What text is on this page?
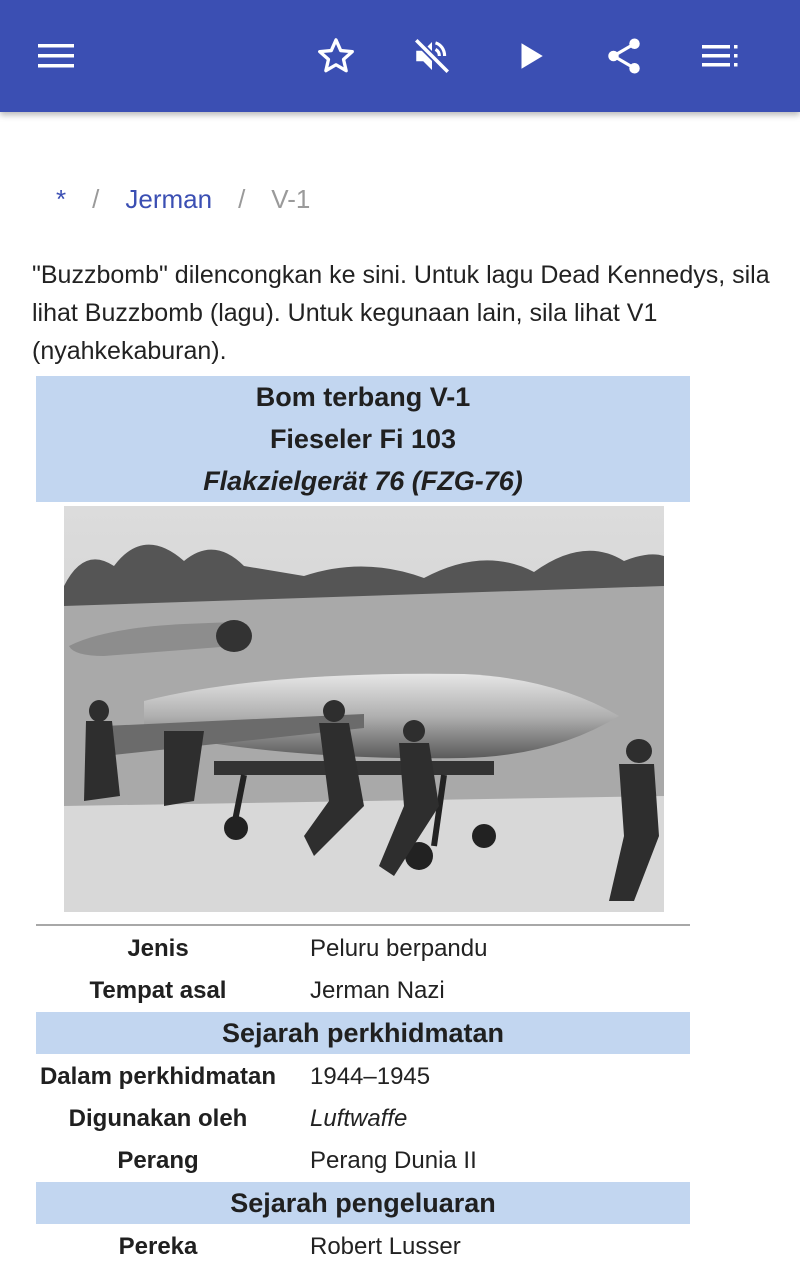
* / Jerman / V-1
"Buzzbomb" dilencongkan ke sini. Untuk lagu Dead Kennedys, sila lihat Buzzbomb (lagu). Untuk kegunaan lain, sila lihat V1 (nyahkekaburan).
Bom terbang V-1
Fieseler Fi 103
Flakzielgerät 76 (FZG-76)
Jenis	Peluru berpandu
Tempat asal	Jerman Nazi
Sejarah perkhidmatan
Dalam perkhidmatan	1944–1945
Digunakan oleh	Luftwaffe
Perang	Perang Dunia II
Sejarah pengeluaran
Pereka	Robert Lusser
